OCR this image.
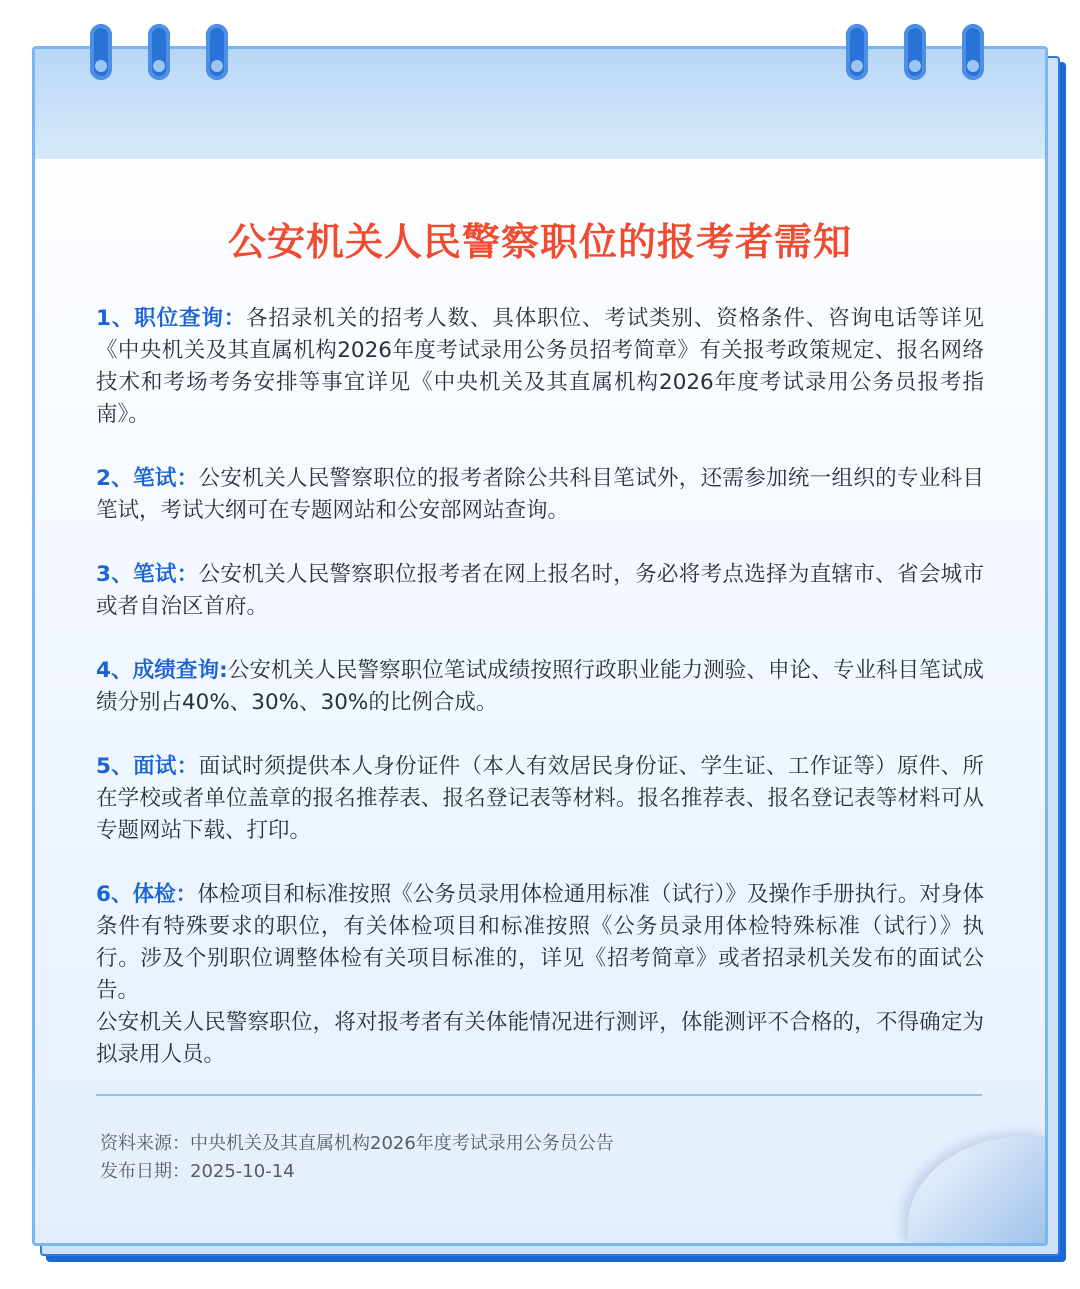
公安机关人民警察职位的报考者需知

1、职位查询：各招录机关的招考人数、具体职位、考试类别、资格条件、咨询电话等详见《中央机关及其直属机构2026年度考试录用公务员招考简章》有关报考政策规定、报名网络技术和考场考务安排等事宜详见《中央机关及其直属机构2026年度考试录用公务员报考指南》。

2、笔试：公安机关人民警察职位的报考者除公共科目笔试外，还需参加统一组织的专业科目笔试，考试大纲可在专题网站和公安部网站查询。

3、笔试：公安机关人民警察职位报考者在网上报名时，务必将考点选择为直辖市、省会城市或者自治区首府。

4、成绩查询:公安机关人民警察职位笔试成绩按照行政职业能力测验、申论、专业科目笔试成绩分别占40%、30%、30%的比例合成。

5、面试：面试时须提供本人身份证件（本人有效居民身份证、学生证、工作证等）原件、所在学校或者单位盖章的报名推荐表、报名登记表等材料。报名推荐表、报名登记表等材料可从专题网站下载、打印。

6、体检：体检项目和标准按照《公务员录用体检通用标准（试行）》及操作手册执行。对身体条件有特殊要求的职位，有关体检项目和标准按照《公务员录用体检特殊标准（试行）》执行。涉及个别职位调整体检有关项目标准的，详见《招考简章》或者招录机关发布的面试公告。
公安机关人民警察职位，将对报考者有关体能情况进行测评，体能测评不合格的，不得确定为拟录用人员。

资料来源：中央机关及其直属机构2026年度考试录用公务员公告
发布日期：2025-10-14
